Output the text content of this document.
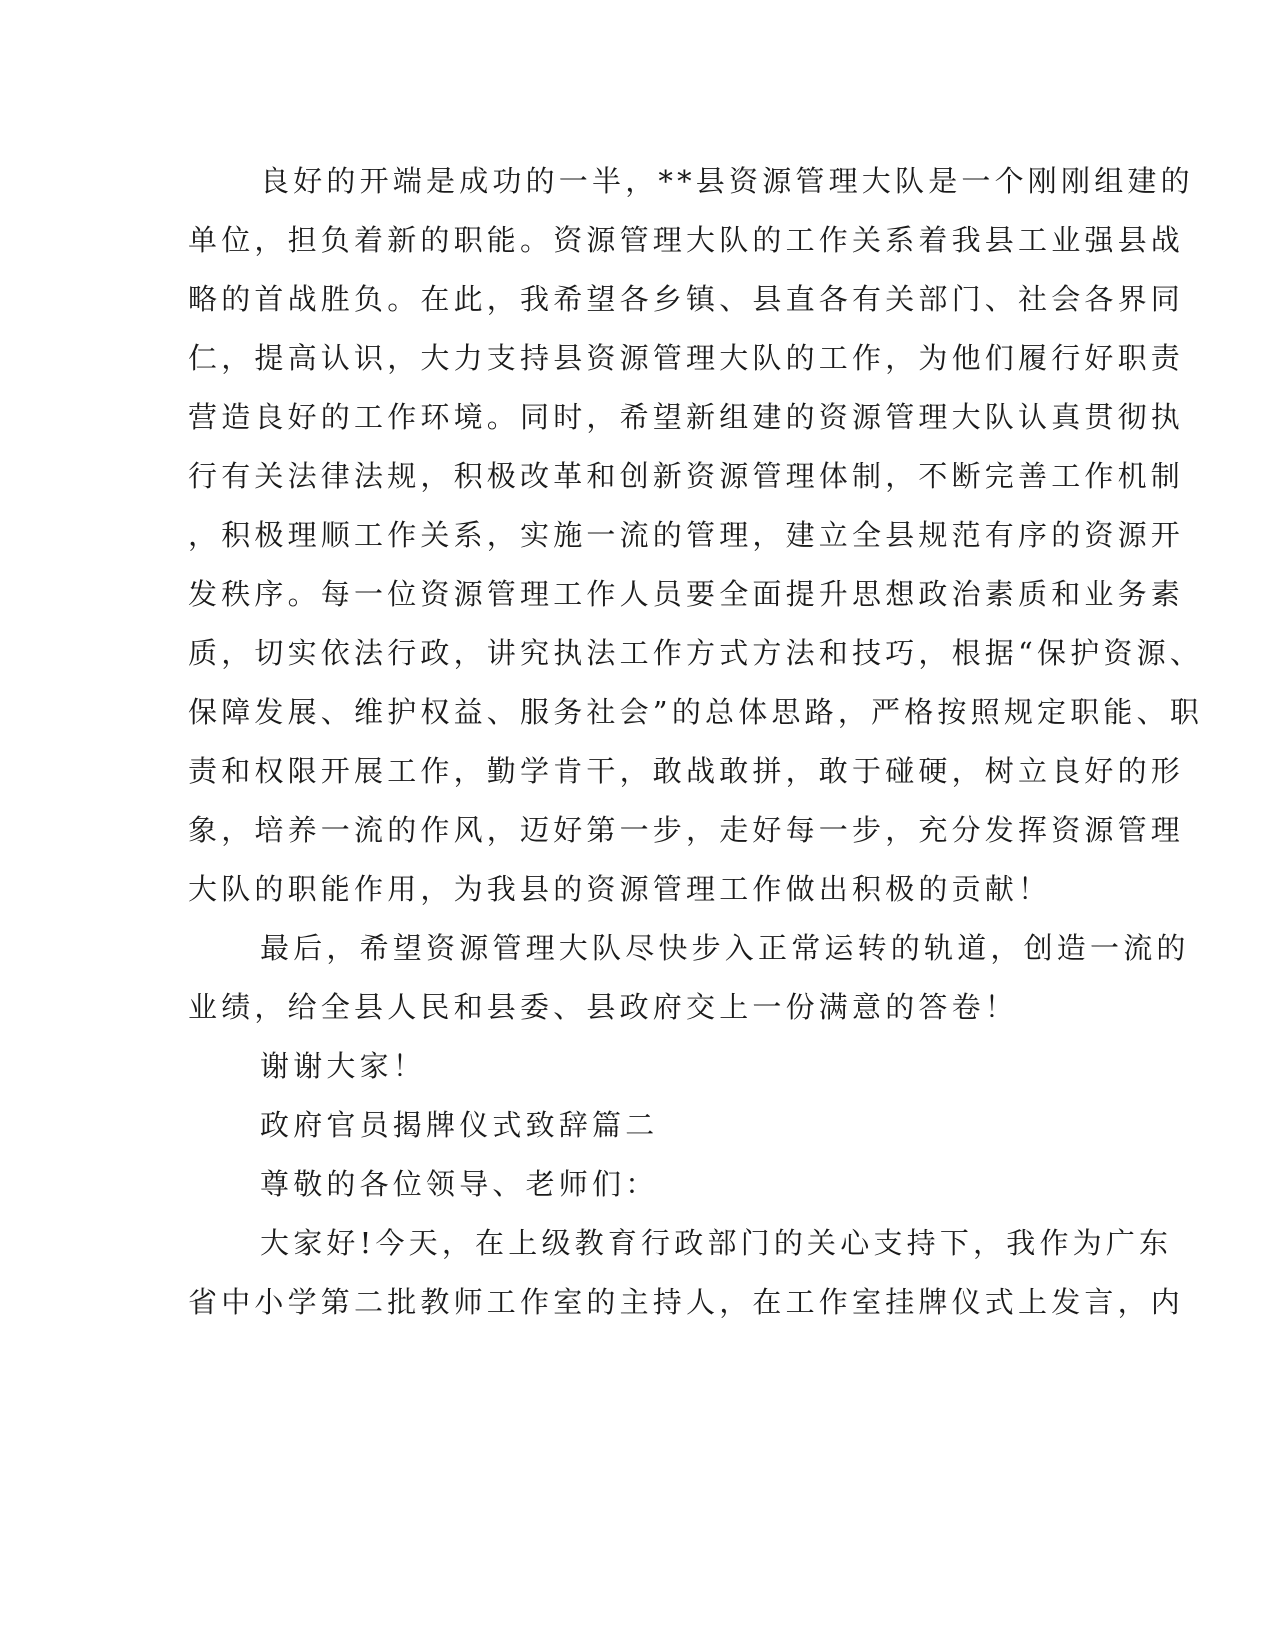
良好的开端是成功的一半，**县资源管理大队是一个刚刚组建的
单位，担负着新的职能。资源管理大队的工作关系着我县工业强县战
略的首战胜负。在此，我希望各乡镇、县直各有关部门、社会各界同
仁，提高认识，大力支持县资源管理大队的工作，为他们履行好职责
营造良好的工作环境。同时，希望新组建的资源管理大队认真贯彻执
行有关法律法规，积极改革和创新资源管理体制，不断完善工作机制
，积极理顺工作关系，实施一流的管理，建立全县规范有序的资源开
发秩序。每一位资源管理工作人员要全面提升思想政治素质和业务素
质，切实依法行政，讲究执法工作方式方法和技巧，根据“保护资源、
保障发展、维护权益、服务社会”的总体思路，严格按照规定职能、职
责和权限开展工作，勤学肯干，敢战敢拼，敢于碰硬，树立良好的形
象，培养一流的作风，迈好第一步，走好每一步，充分发挥资源管理
大队的职能作用，为我县的资源管理工作做出积极的贡献！
最后，希望资源管理大队尽快步入正常运转的轨道，创造一流的
业绩，给全县人民和县委、县政府交上一份满意的答卷！
谢谢大家！
政府官员揭牌仪式致辞篇二
尊敬的各位领导、老师们：
大家好!今天，在上级教育行政部门的关心支持下，我作为广东
省中小学第二批教师工作室的主持人，在工作室挂牌仪式上发言，内
